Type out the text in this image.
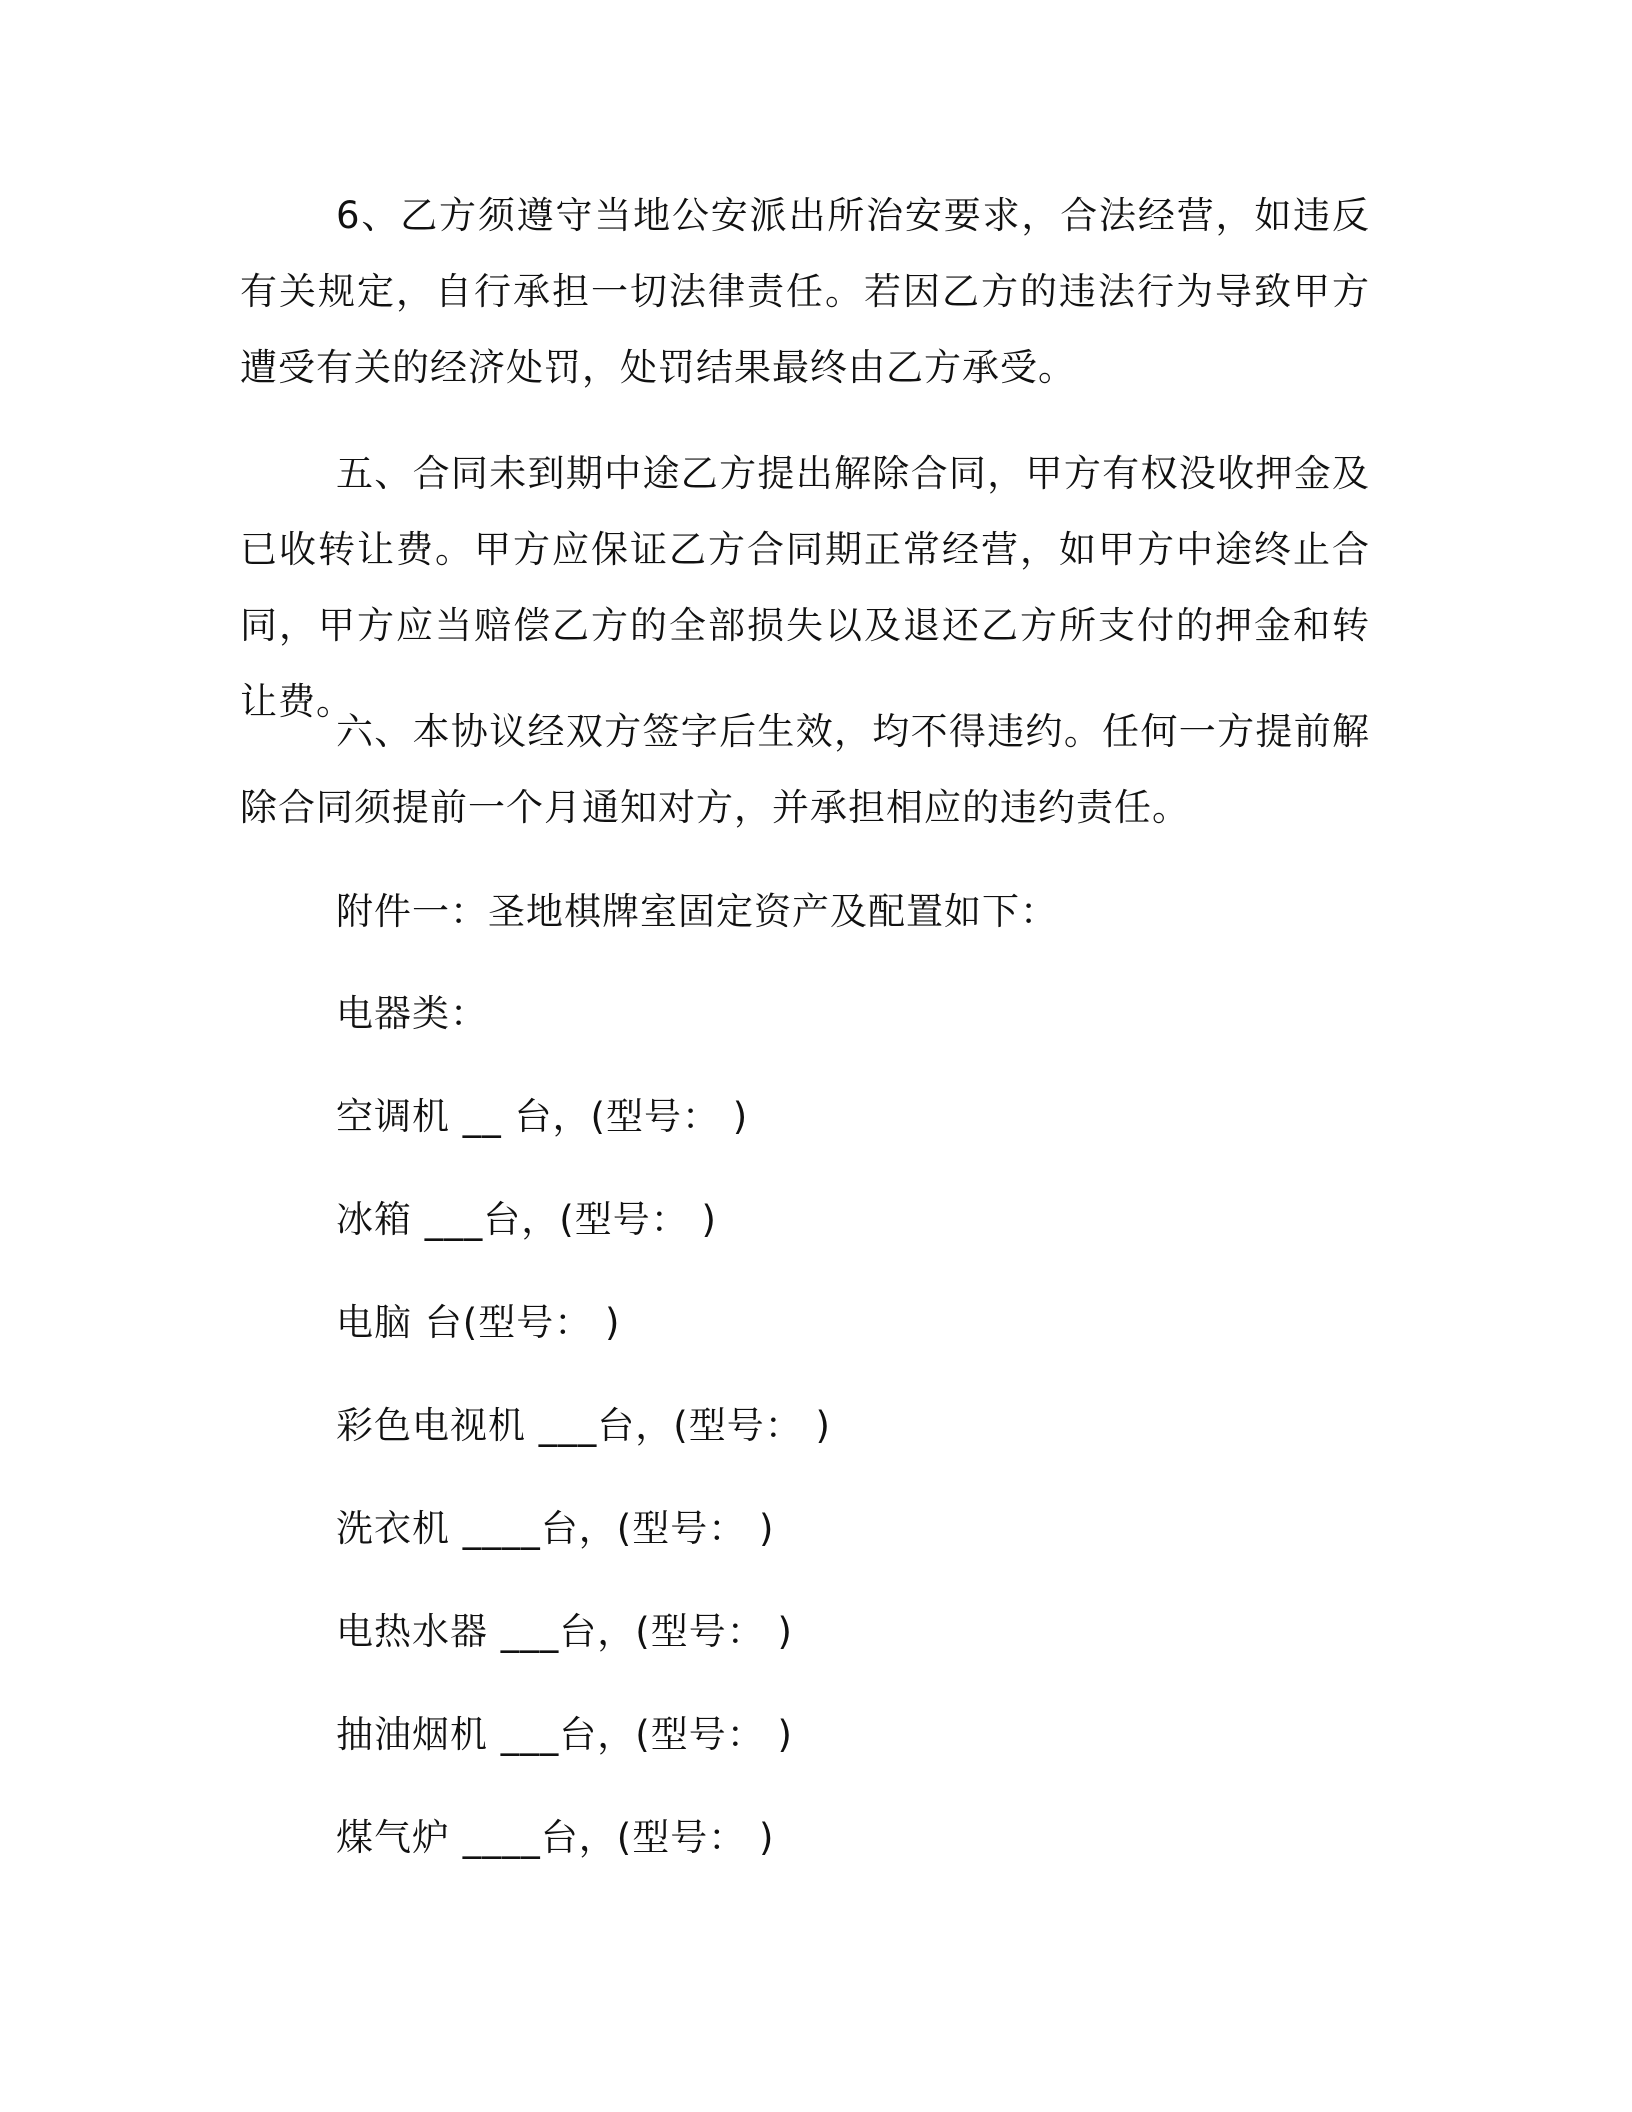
6、乙方须遵守当地公安派出所治安要求，合法经营，如违反有关规定，自行承担一切法律责任。若因乙方的违法行为导致甲方遭受有关的经济处罚，处罚结果最终由乙方承受。

五、合同未到期中途乙方提出解除合同，甲方有权没收押金及已收转让费。甲方应保证乙方合同期正常经营，如甲方中途终止合同，甲方应当赔偿乙方的全部损失以及退还乙方所支付的押金和转让费。

六、本协议经双方签字后生效，均不得违约。任何一方提前解除合同须提前一个月通知对方，并承担相应的违约责任。

附件一：圣地棋牌室固定资产及配置如下：

电器类：

空调机 __ 台，(型号： )

冰箱 ___台，(型号： )

电脑 台(型号： )

彩色电视机 ___台，(型号： )

洗衣机 ____台，(型号： )

电热水器 ___台，(型号： )

抽油烟机 ___台，(型号： )

煤气炉 ____台，(型号： )
